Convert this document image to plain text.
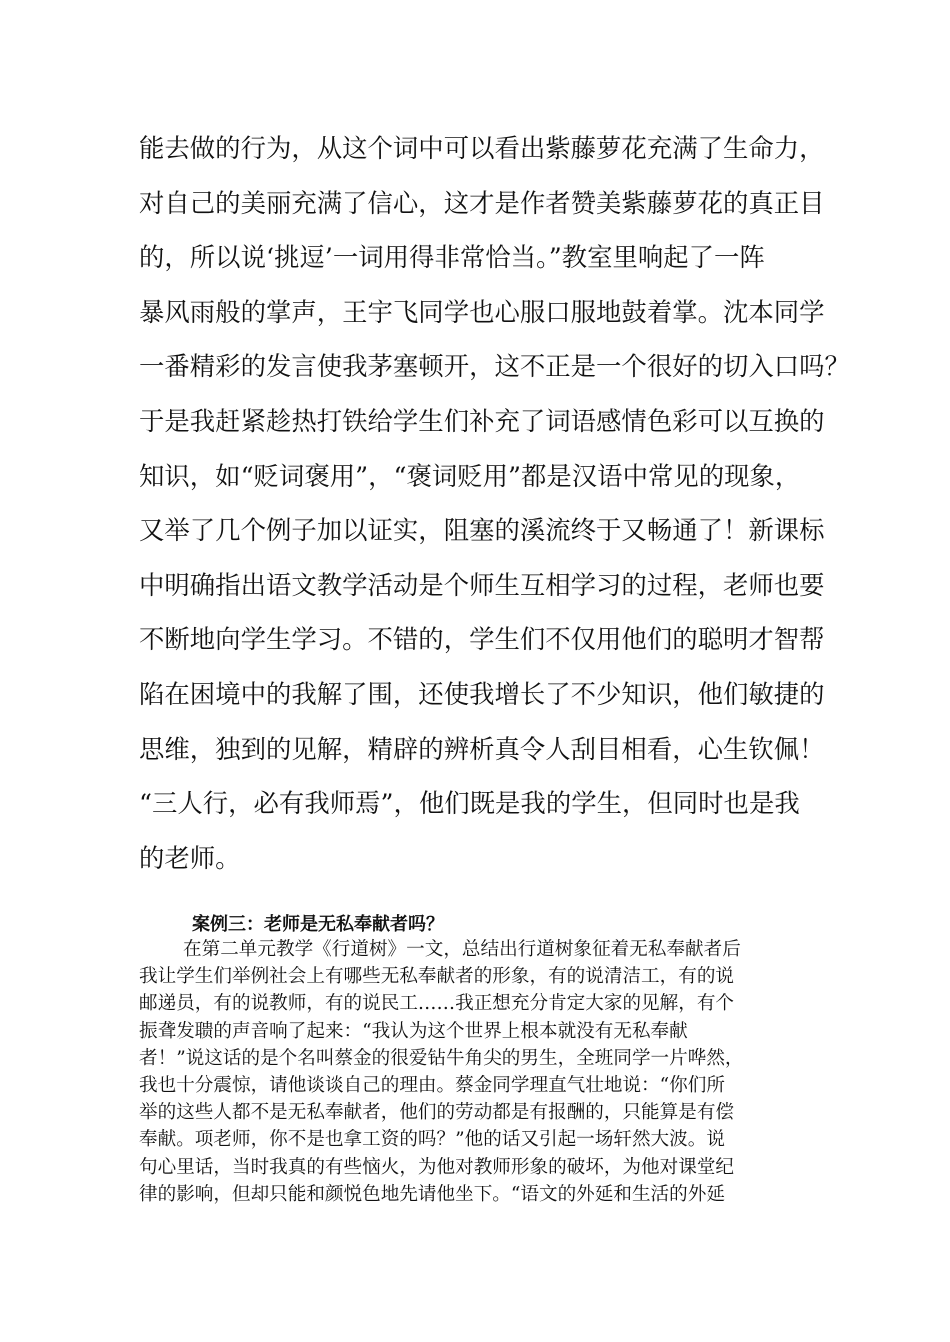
能去做的行为，从这个词中可以看出紫藤萝花充满了生命力，
对自己的美丽充满了信心，这才是作者赞美紫藤萝花的真正目
的，所以说‘挑逗’一词用得非常恰当。”教室里响起了一阵
暴风雨般的掌声，王宇飞同学也心服口服地鼓着掌。沈本同学
一番精彩的发言使我茅塞顿开，这不正是一个很好的切入口吗？
于是我赶紧趁热打铁给学生们补充了词语感情色彩可以互换的
知识，如“贬词褒用”，“褒词贬用”都是汉语中常见的现象，
又举了几个例子加以证实，阻塞的溪流终于又畅通了！新课标
中明确指出语文教学活动是个师生互相学习的过程，老师也要
不断地向学生学习。不错的，学生们不仅用他们的聪明才智帮
陷在困境中的我解了围，还使我增长了不少知识，他们敏捷的
思维，独到的见解，精辟的辨析真令人刮目相看，心生钦佩！
“三人行，必有我师焉”，他们既是我的学生，但同时也是我
的老师。
案例三：老师是无私奉献者吗？
在第二单元教学《行道树》一文，总结出行道树象征着无私奉献者后
我让学生们举例社会上有哪些无私奉献者的形象，有的说清洁工，有的说
邮递员，有的说教师，有的说民工……我正想充分肯定大家的见解，有个
振聋发聩的声音响了起来：“我认为这个世界上根本就没有无私奉献
者！”说这话的是个名叫蔡金的很爱钻牛角尖的男生，全班同学一片哗然，
我也十分震惊，请他谈谈自己的理由。蔡金同学理直气壮地说：“你们所
举的这些人都不是无私奉献者，他们的劳动都是有报酬的，只能算是有偿
奉献。项老师，你不是也拿工资的吗？”他的话又引起一场轩然大波。说
句心里话，当时我真的有些恼火，为他对教师形象的破坏，为他对课堂纪
律的影响，但却只能和颜悦色地先请他坐下。“语文的外延和生活的外延
